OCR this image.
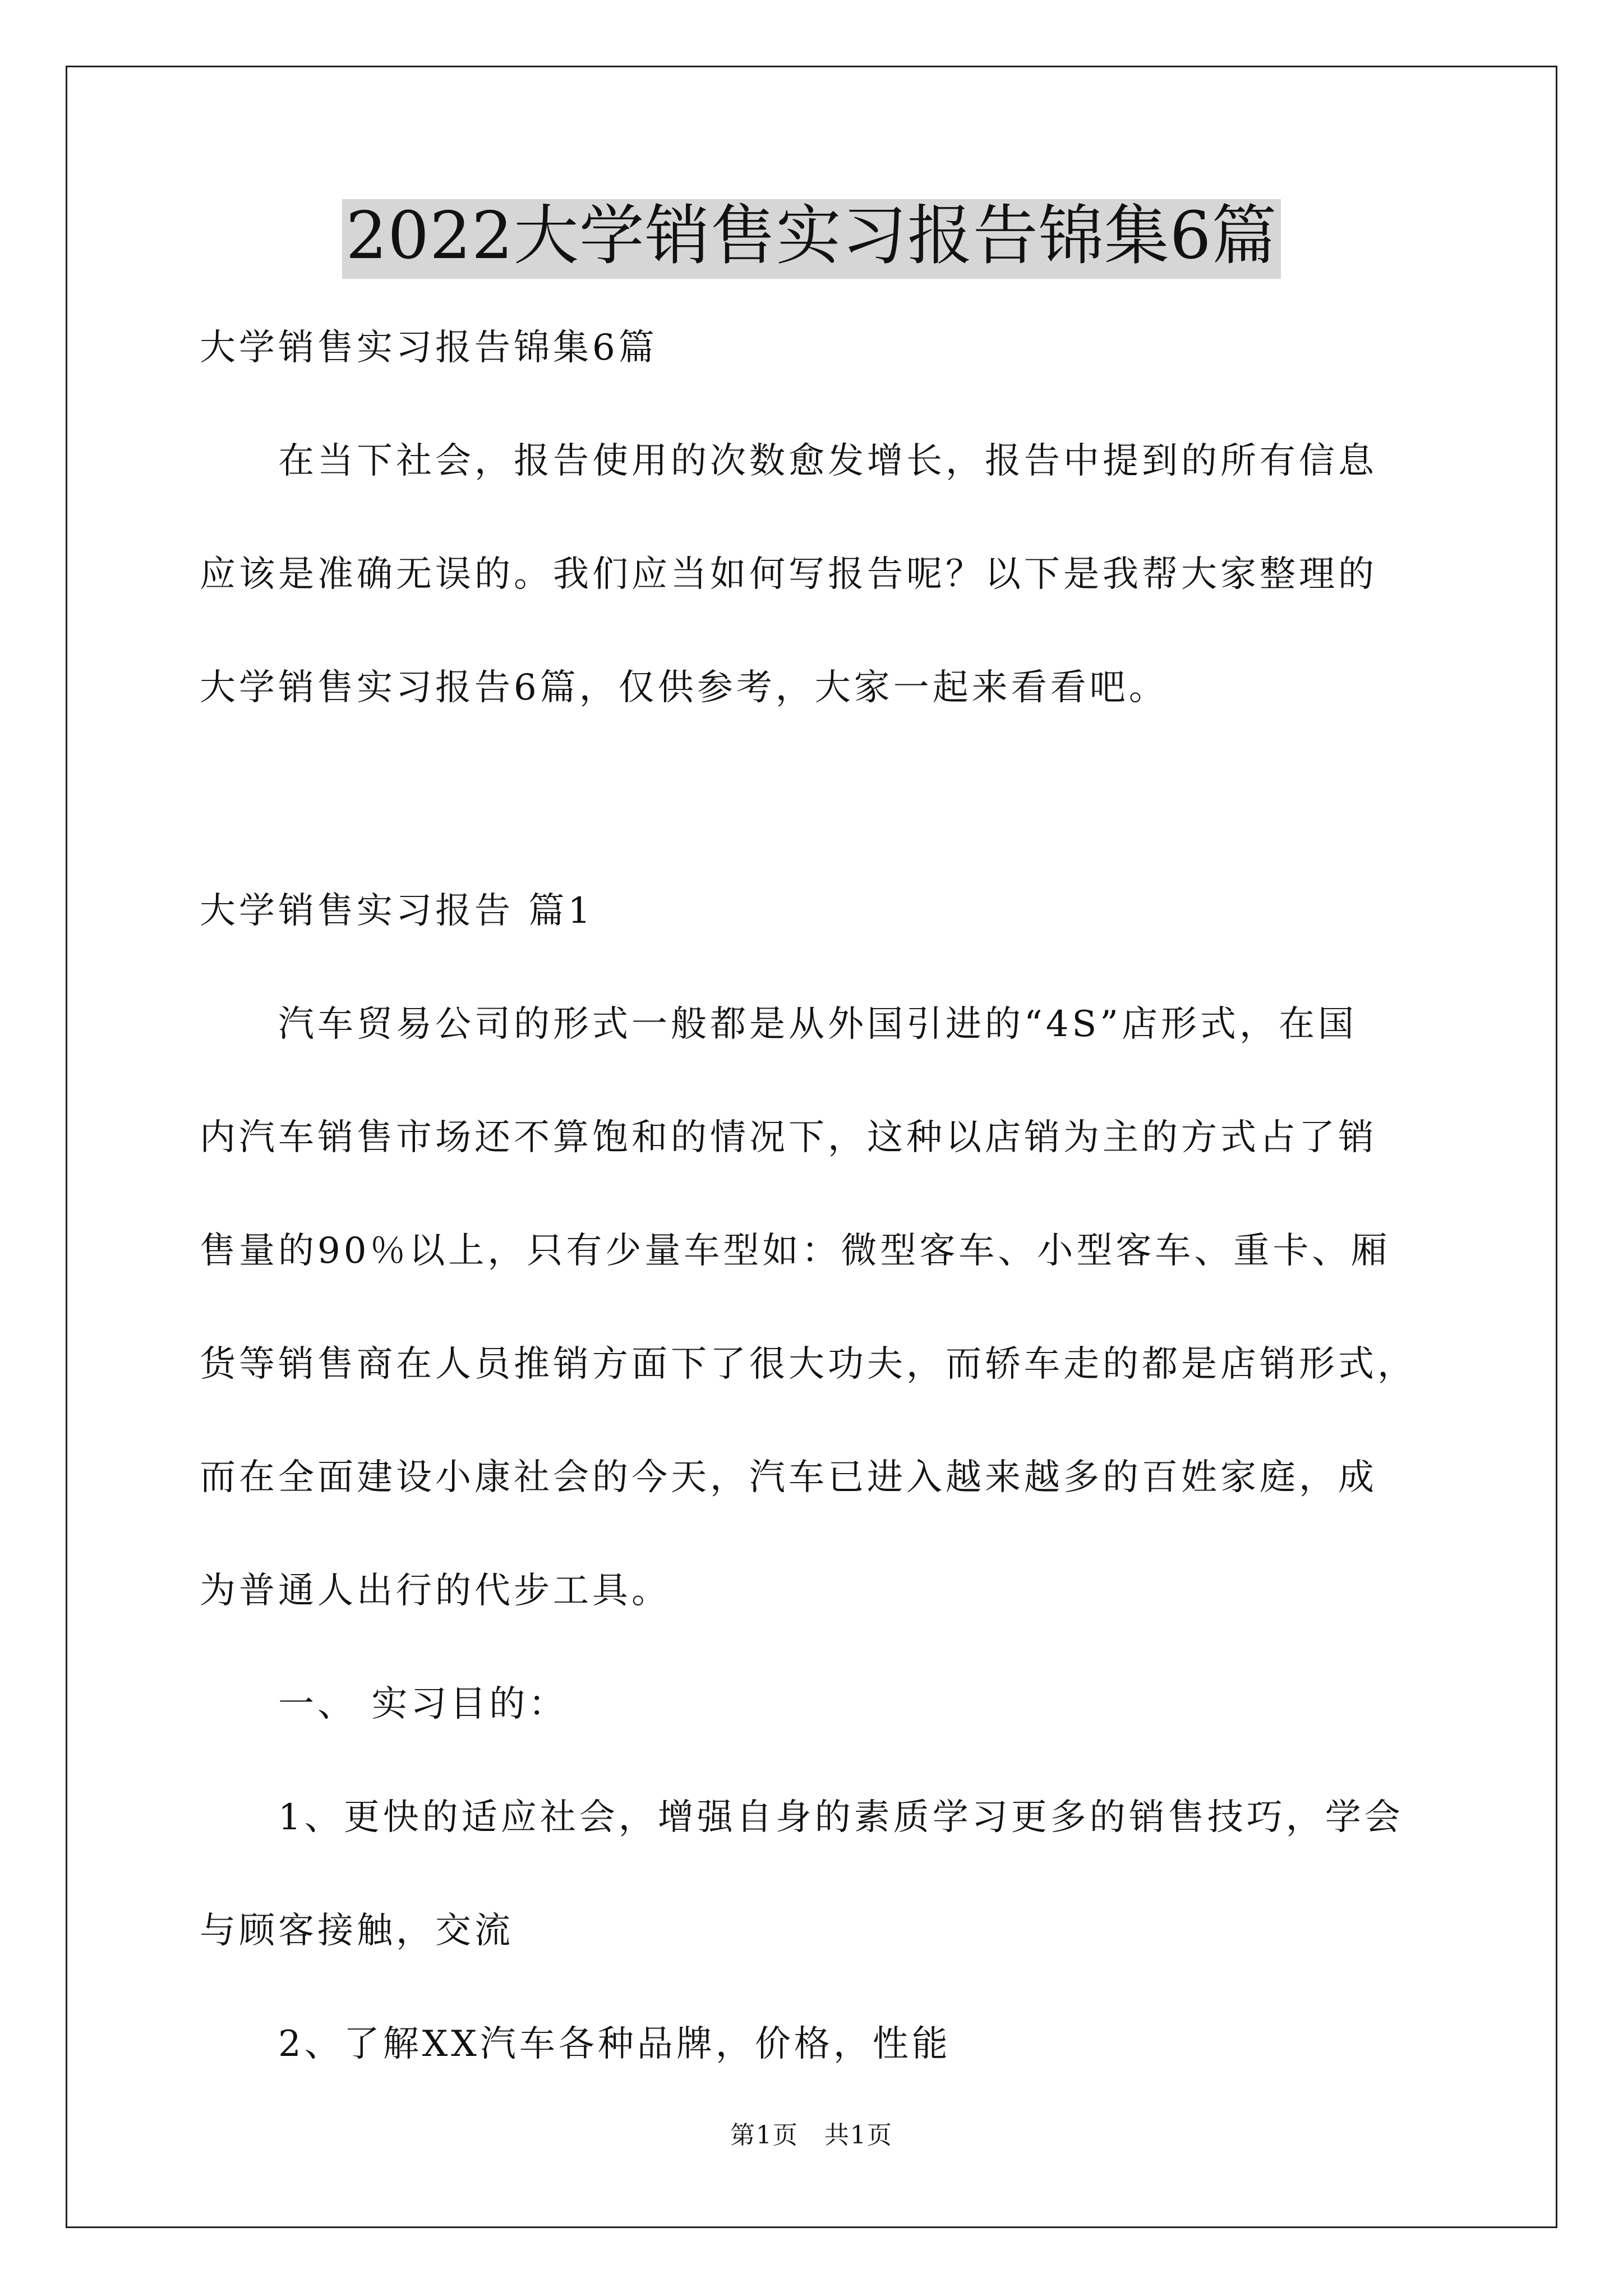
2022大学销售实习报告锦集6篇
大学销售实习报告锦集6篇
在当下社会，报告使用的次数愈发增长，报告中提到的所有信息
应该是准确无误的。我们应当如何写报告呢？以下是我帮大家整理的
大学销售实习报告6篇，仅供参考，大家一起来看看吧。
大学销售实习报告 篇1
汽车贸易公司的形式一般都是从外国引进的“4S”店形式，在国
内汽车销售市场还不算饱和的情况下，这种以店销为主的方式占了销
售量的90％以上，只有少量车型如：微型客车、小型客车、重卡、厢
货等销售商在人员推销方面下了很大功夫，而轿车走的都是店销形式，
而在全面建设小康社会的今天，汽车已进入越来越多的百姓家庭，成
为普通人出行的代步工具。
一、 实习目的：
1、更快的适应社会，增强自身的素质学习更多的销售技巧，学会
与顾客接触，交流
2、了解XX汽车各种品牌，价格，性能
第1页　共1页
